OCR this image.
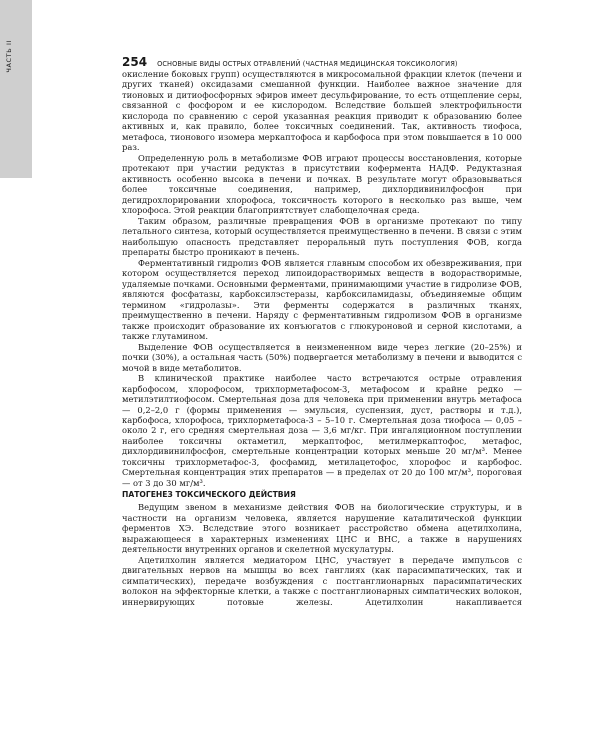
ЧАСТЬ II	254 ОСНОВНЫЕ ВИДЫ ОСТРЫХ ОТРАВЛЕНИЙ (ЧАСТНАЯ МЕДИЦИНСКАЯ ТОКСИКОЛОГИЯ)

окисление боковых групп) осуществляются в микросомальной фракции клеток (печени и других тканей) оксидазами смешанной функции. Наиболее важное значение для тионовых и дитиофосфорных эфиров имеет десульфирование, то есть отщепление серы, связанной с фосфором и ее кислородом. Вследствие большей электрофильности кислорода по сравнению с серой указанная реакция приводит к образованию более активных и, как правило, более токсичных соединений. Так, активность тиофоса, метафоса, тионового изомера меркаптофоса и карбофоса при этом повышается в 10 000 раз.

Определенную роль в метаболизме ФОВ играют процессы восстановления, которые протекают при участии редуктаз в присутствии кофермента НАДФ. Редуктазная активность особенно высока в печени и почках. В результате могут образовываться более токсичные соединения, например, дихлордивинилфосфон при дегидрохлорировании хлорофоса, токсичность которого в несколько раз выше, чем хлорофоса. Этой реакции благоприятствует слабощелочная среда.

Таким образом, различные превращения ФОВ в организме протекают по типу летального синтеза, который осуществляется преимущественно в печени. В связи с этим наибольшую опасность представляет пероральный путь поступления ФОВ, когда препараты быстро проникают в печень.

Ферментативный гидролиз ФОВ является главным способом их обезвреживания, при котором осуществляется переход липоидорастворимых веществ в водорастворимые, удаляемые почками. Основными ферментами, принимающими участие в гидролизе ФОВ, являются фосфатазы, карбоксилэстеразы, карбоксиламидазы, объединяемые общим термином «гидролазы». Эти ферменты содержатся в различных тканях, преимущественно в печени. Наряду с ферментативным гидролизом ФОВ в организме также происходит образование их конъюгатов с глюкуроновой и серной кислотами, а также глутамином.

Выделение ФОВ осуществляется в неизмененном виде через легкие (20–25%) и почки (30%), а остальная часть (50%) подвергается метаболизму в печени и выводится с мочой в виде метаболитов.

В клинической практике наиболее часто встречаются острые отравления карбофосом, хлорофосом, трихлорметафосом-3, метафосом и крайне редко — метилэтилтиофосом. Смертельная доза для человека при применении внутрь метафоса — 0,2–2,0 г (формы применения — эмульсия, суспензия, дуст, растворы и т.д.), карбофоса, хлорофоса, трихлорметафоса-3 – 5–10 г. Смертельная доза тиофоса — 0,05 – около 2 г, его средняя смертельная доза — 3,6 мг/кг. При ингаляционном поступлении наиболее токсичны октаметил, меркаптофос, метилмеркаптофос, метафос, дихлордивинилфосфон, смертельные концентрации которых меньше 20 мг/м³. Менее токсичны трихлорметафос-3, фосфамид, метилацетофос, хлорофос и карбофос. Смертельная концентрация этих препаратов — в пределах от 20 до 100 мг/м³, пороговая — от 3 до 30 мг/м³.

ПАТОГЕНЕЗ ТОКСИЧЕСКОГО ДЕЙСТВИЯ

Ведущим звеном в механизме действия ФОВ на биологические структуры, и в частности на организм человека, является нарушение каталитической функции ферментов ХЭ. Вследствие этого возникает расстройство обмена ацетилхолина, выражающееся в характерных изменениях ЦНС и ВНС, а также в нарушениях деятельности внутренних органов и скелетной мускулатуры.

Ацетилхолин является медиатором ЦНС, участвует в передаче импульсов с двигательных нервов на мышцы во всех ганглиях (как парасимпатических, так и симпатических), передаче возбуждения с постганглионарных парасимпатических волокон на эффекторные клетки, а также с постганглионарных симпатических волокон, иннервирующих потовые железы. Ацетилхолин накапливается
